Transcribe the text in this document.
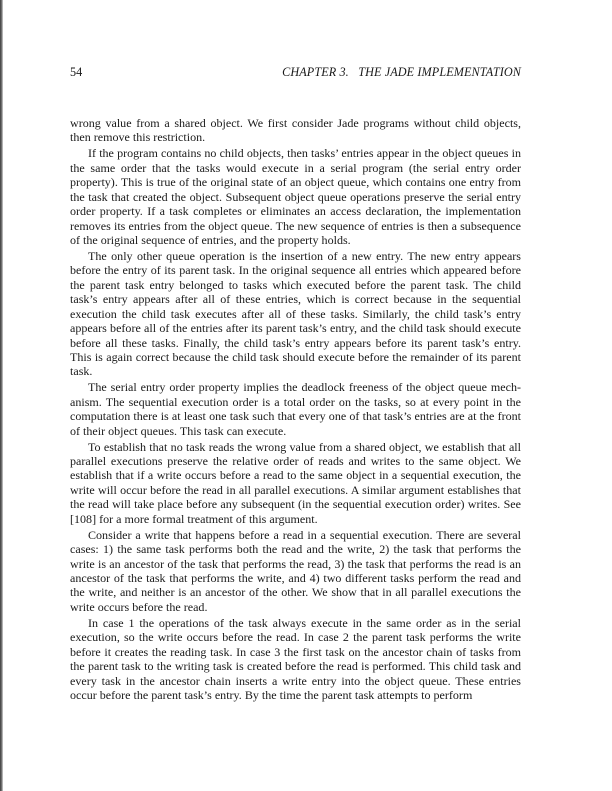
54	CHAPTER 3.   THE JADE IMPLEMENTATION

wrong value from a shared object. We first consider Jade programs without child objects, then remove this restriction.

If the program contains no child objects, then tasks’ entries appear in the object queues in the same order that the tasks would execute in a serial program (the serial entry order property). This is true of the original state of an object queue, which contains one entry from the task that created the object. Subsequent object queue operations preserve the serial entry order property. If a task completes or eliminates an access declaration, the implementation removes its entries from the object queue. The new sequence of entries is then a subsequence of the original sequence of entries, and the property holds.

The only other queue operation is the insertion of a new entry. The new entry appears before the entry of its parent task. In the original sequence all entries which appeared before the parent task entry belonged to tasks which executed before the parent task. The child task’s entry appears after all of these entries, which is correct because in the sequential execution the child task executes after all of these tasks. Similarly, the child task’s entry appears before all of the entries after its parent task’s entry, and the child task should execute before all these tasks. Finally, the child task’s entry appears before its parent task’s entry. This is again correct because the child task should execute before the remainder of its parent task.

The serial entry order property implies the deadlock freeness of the object queue mechanism. The sequential execution order is a total order on the tasks, so at every point in the computation there is at least one task such that every one of that task’s entries are at the front of their object queues. This task can execute.

To establish that no task reads the wrong value from a shared object, we establish that all parallel executions preserve the relative order of reads and writes to the same object. We establish that if a write occurs before a read to the same object in a sequential execution, the write will occur before the read in all parallel executions. A similar argument establishes that the read will take place before any subsequent (in the sequential execution order) writes. See [108] for a more formal treatment of this argument.

Consider a write that happens before a read in a sequential execution. There are several cases: 1) the same task performs both the read and the write, 2) the task that performs the write is an ancestor of the task that performs the read, 3) the task that performs the read is an ancestor of the task that performs the write, and 4) two different tasks perform the read and the write, and neither is an ancestor of the other. We show that in all parallel executions the write occurs before the read.

In case 1 the operations of the task always execute in the same order as in the serial execution, so the write occurs before the read. In case 2 the parent task performs the write before it creates the reading task. In case 3 the first task on the ancestor chain of tasks from the parent task to the writing task is created before the read is performed. This child task and every task in the ancestor chain inserts a write entry into the object queue. These entries occur before the parent task’s entry. By the time the parent task attempts to perform
